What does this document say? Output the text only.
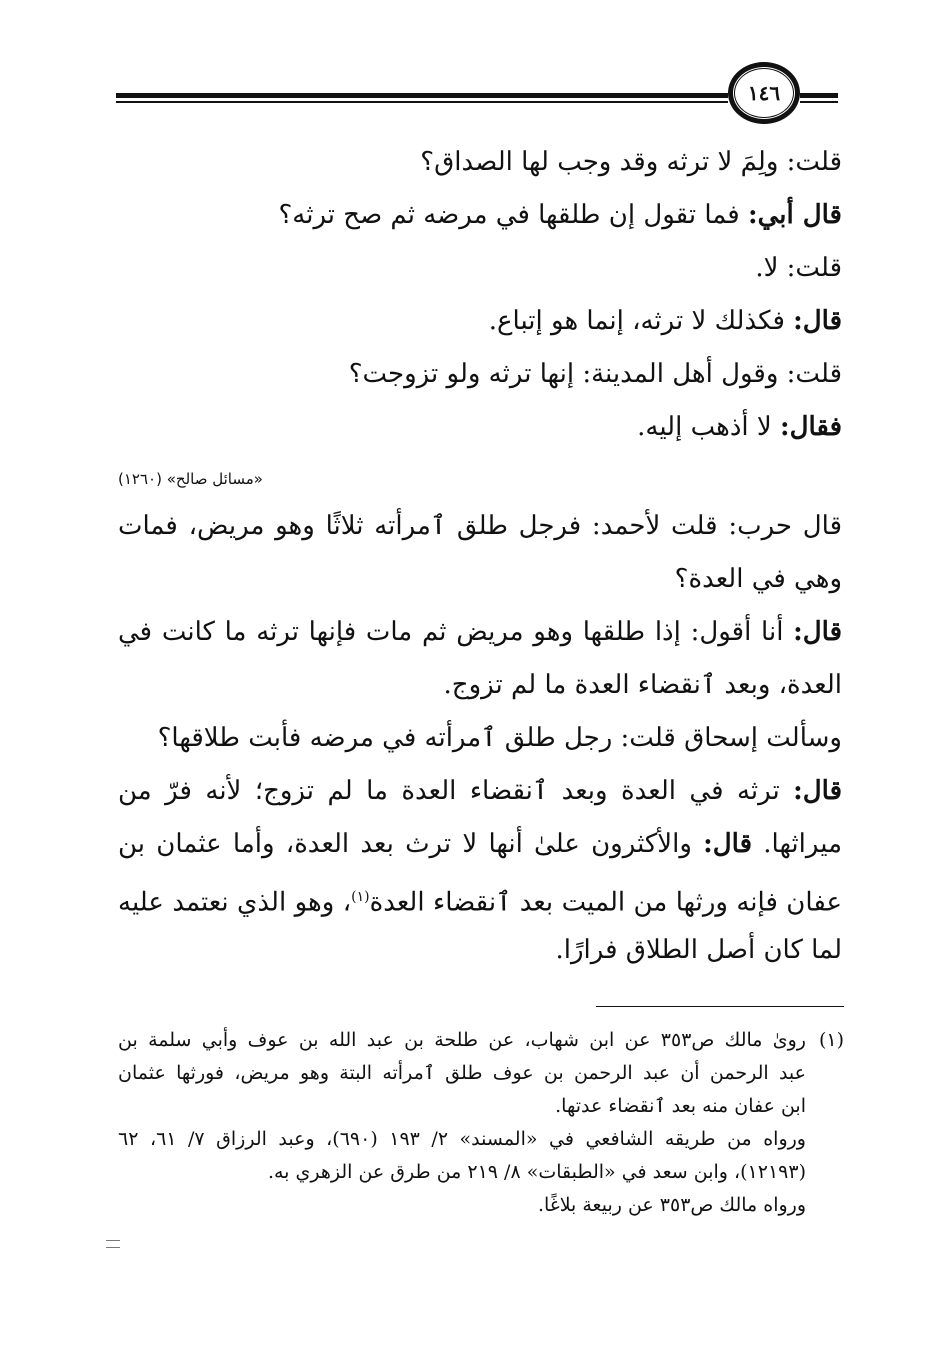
١٤٦
قلت: ولِمَ لا ترثه وقد وجب لها الصداق؟
قال أبي: فما تقول إن طلقها في مرضه ثم صح ترثه؟
قلت: لا.
قال: فكذلك لا ترثه، إنما هو إتباع.
قلت: وقول أهل المدينة: إنها ترثه ولو تزوجت؟
فقال: لا أذهب إليه.
«مسائل صالح» (١٢٦٠)
قال حرب: قلت لأحمد: فرجل طلق ٱمرأته ثلاثًا وهو مريض، فمات
وهي في العدة؟
قال: أنا أقول: إذا طلقها وهو مريض ثم مات فإنها ترثه ما كانت في
العدة، وبعد ٱنقضاء العدة ما لم تزوج.
وسألت إسحاق قلت: رجل طلق ٱمرأته في مرضه فأبت طلاقها؟
قال: ترثه في العدة وبعد ٱنقضاء العدة ما لم تزوج؛ لأنه فرّ من
ميراثها. قال: والأكثرون علىٰ أنها لا ترث بعد العدة، وأما عثمان بن
عفان فإنه ورثها من الميت بعد ٱنقضاء العدة$^{(١)}$، وهو الذي نعتمد عليه
لما كان أصل الطلاق فرارًا.
(١)
رویٰ مالك ص٣٥٣ عن ابن شهاب، عن طلحة بن عبد الله بن عوف وأبي سلمة بن
عبد الرحمن أن عبد الرحمن بن عوف طلق ٱمرأته البتة وهو مريض، فورثها عثمان
ابن عفان منه بعد ٱنقضاء عدتها.
ورواه من طريقه الشافعي في «المسند» ٢/ ١٩٣ (٦٩٠)، وعبد الرزاق ٧/ ٦١، ٦٢
(١٢١٩٣)، وابن سعد في «الطبقات» ٨/ ٢١٩ من طرق عن الزهري به.
ورواه مالك ص٣٥٣ عن ربيعة بلاغًا.
